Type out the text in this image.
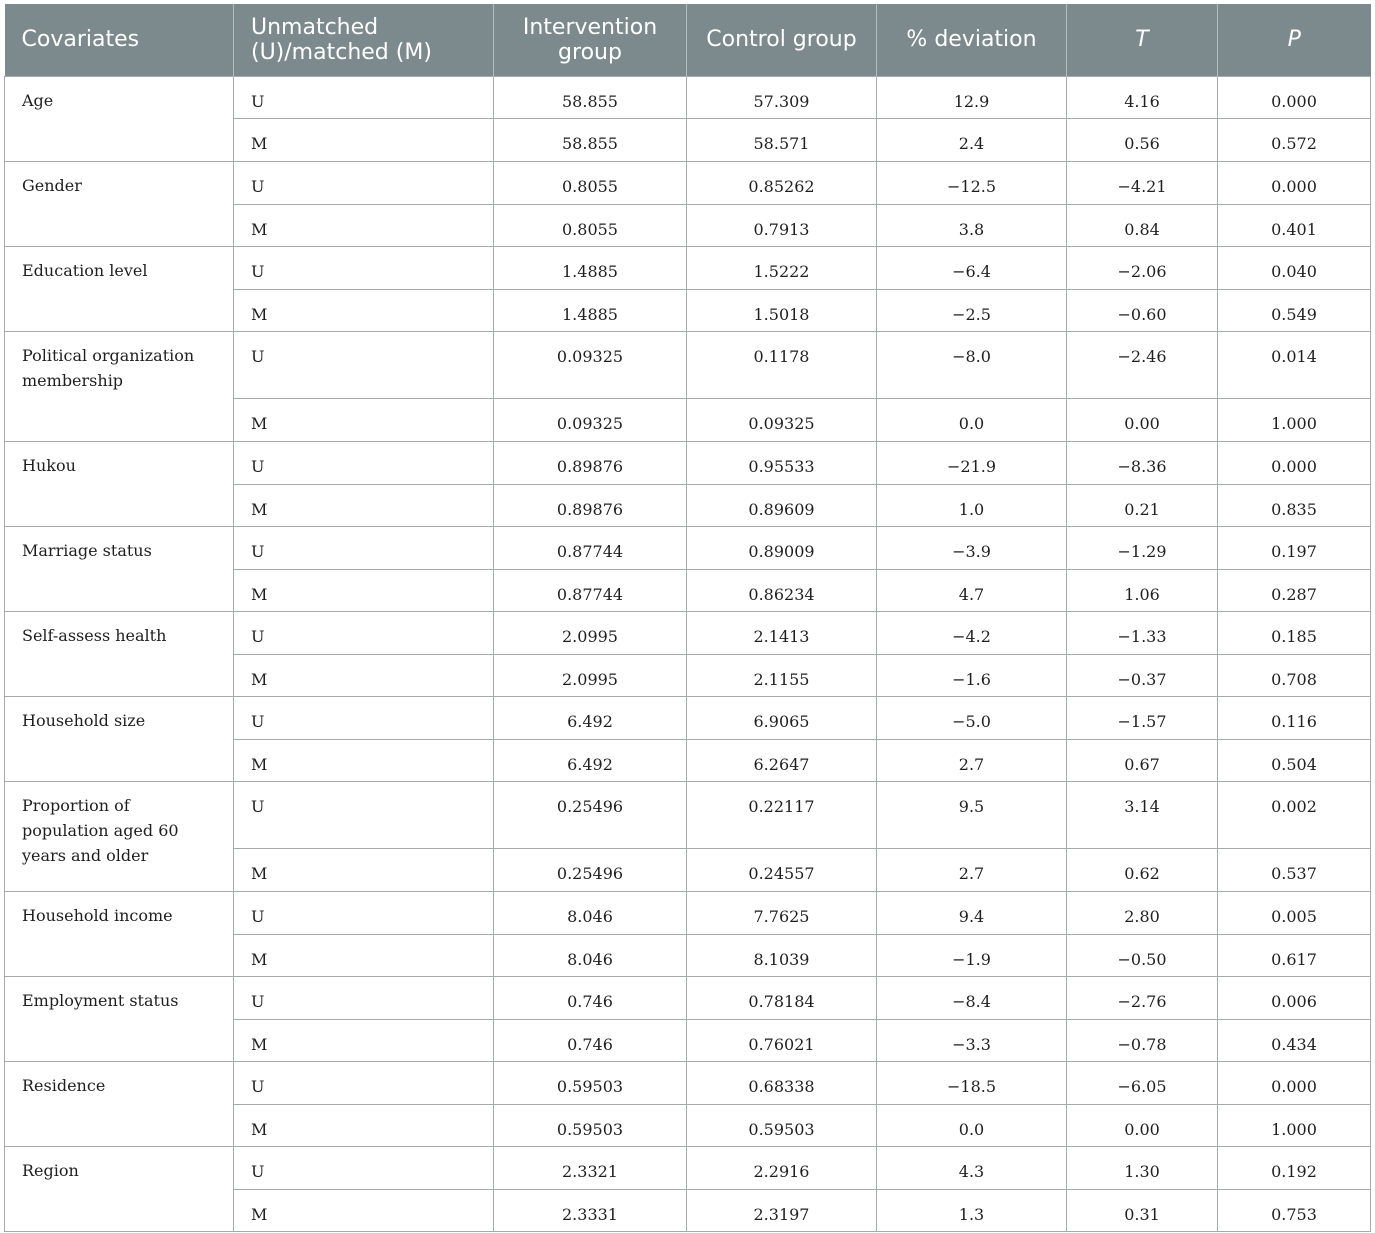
Covariates	Unmatched (U)/matched (M)	Intervention group	Control group	% deviation	T	P
Age	U	58.855	57.309	12.9	4.16	0.000
	M	58.855	58.571	2.4	0.56	0.572
Gender	U	0.8055	0.85262	−12.5	−4.21	0.000
	M	0.8055	0.7913	3.8	0.84	0.401
Education level	U	1.4885	1.5222	−6.4	−2.06	0.040
	M	1.4885	1.5018	−2.5	−0.60	0.549
Political organization membership	U	0.09325	0.1178	−8.0	−2.46	0.014
	M	0.09325	0.09325	0.0	0.00	1.000
Hukou	U	0.89876	0.95533	−21.9	−8.36	0.000
	M	0.89876	0.89609	1.0	0.21	0.835
Marriage status	U	0.87744	0.89009	−3.9	−1.29	0.197
	M	0.87744	0.86234	4.7	1.06	0.287
Self-assess health	U	2.0995	2.1413	−4.2	−1.33	0.185
	M	2.0995	2.1155	−1.6	−0.37	0.708
Household size	U	6.492	6.9065	−5.0	−1.57	0.116
	M	6.492	6.2647	2.7	0.67	0.504
Proportion of population aged 60 years and older	U	0.25496	0.22117	9.5	3.14	0.002
	M	0.25496	0.24557	2.7	0.62	0.537
Household income	U	8.046	7.7625	9.4	2.80	0.005
	M	8.046	8.1039	−1.9	−0.50	0.617
Employment status	U	0.746	0.78184	−8.4	−2.76	0.006
	M	0.746	0.76021	−3.3	−0.78	0.434
Residence	U	0.59503	0.68338	−18.5	−6.05	0.000
	M	0.59503	0.59503	0.0	0.00	1.000
Region	U	2.3321	2.2916	4.3	1.30	0.192
	M	2.3331	2.3197	1.3	0.31	0.753
